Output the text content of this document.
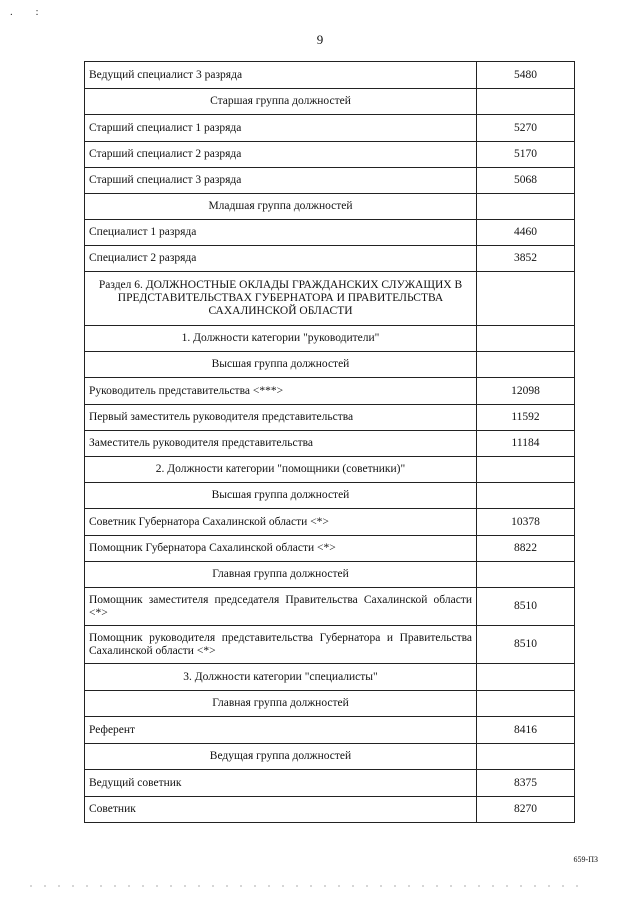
. :
9
Ведущий специалист 3 разряда	5480
Старшая группа должностей	
Старший специалист 1 разряда	5270
Старший специалист 2 разряда	5170
Старший специалист 3 разряда	5068
Младшая группа должностей	
Специалист 1 разряда	4460
Специалист 2 разряда	3852
Раздел 6. ДОЛЖНОСТНЫЕ ОКЛАДЫ ГРАЖДАНСКИХ СЛУЖАЩИХ В ПРЕДСТАВИТЕЛЬСТВАХ ГУБЕРНАТОРА И ПРАВИТЕЛЬСТВА САХАЛИНСКОЙ ОБЛАСТИ	
1. Должности категории "руководители"	
Высшая группа должностей	
Руководитель представительства <***>	12098
Первый заместитель руководителя представительства	11592
Заместитель руководителя представительства	11184
2. Должности категории "помощники (советники)"	
Высшая группа должностей	
Советник Губернатора Сахалинской области <*>	10378
Помощник Губернатора Сахалинской области <*>	8822
Главная группа должностей	
Помощник заместителя председателя Правительства Сахалинской области <*>	8510
Помощник руководителя представительства Губернатора и Правительства Сахалинской области <*>	8510
3. Должности категории "специалисты"	
Главная группа должностей	
Референт	8416
Ведущая группа должностей	
Ведущий советник	8375
Советник	8270
659-ПЗ
